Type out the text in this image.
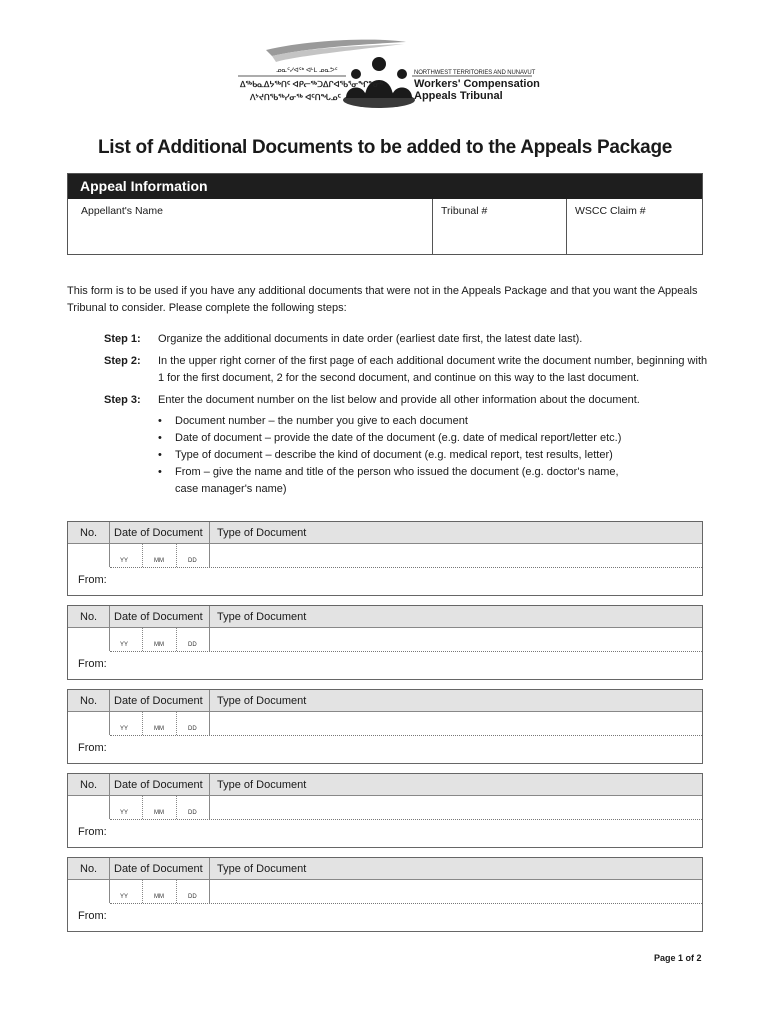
ᓄᓇᑦᓯᐊᖅ ᐊᒻᒪ ᓄᓇᕗᑦ
ᐃᖅᑲᓇᐃᔭᖅᑎᑦ ᐊᑭᓕᖅᑐᐃᒋᐊᖃᕐᓂᖏᓐᓂᒃ
ᐱᔾᔪᑎᖃᖅᓯᓂᖅ ᐊᑦᑎᖓᓄᑦ
NORTHWEST TERRITORIES AND NUNAVUT
Workers' Compensation
Appeals Tribunal
List of Additional Documents to be added to the Appeals Package
Appeal Information
Appellant's Name	Tribunal #	WSCC Claim #
This form is to be used if you have any additional documents that were not in the Appeals Package and that you want the Appeals Tribunal to consider. Please complete the following steps:
Step 1: Organize the additional documents in date order (earliest date first, the latest date last).
Step 2: In the upper right corner of the first page of each additional document write the document number, beginning with 1 for the first document, 2 for the second document, and continue on this way to the last document.
Step 3: Enter the document number on the list below and provide all other information about the document.
• Document number – the number you give to each document
• Date of document – provide the date of the document (e.g. date of medical report/letter etc.)
• Type of document – describe the kind of document (e.g. medical report, test results, letter)
• From – give the name and title of the person who issued the document (e.g. doctor's name, case manager's name)
No. Date of Document Type of Document
YY	MM	DD
From:
No. Date of Document Type of Document
YY	MM	DD
From:
No. Date of Document Type of Document
YY	MM	DD
From:
No. Date of Document Type of Document
YY	MM	DD
From:
No. Date of Document Type of Document
YY	MM	DD
From:
Page 1 of 2
